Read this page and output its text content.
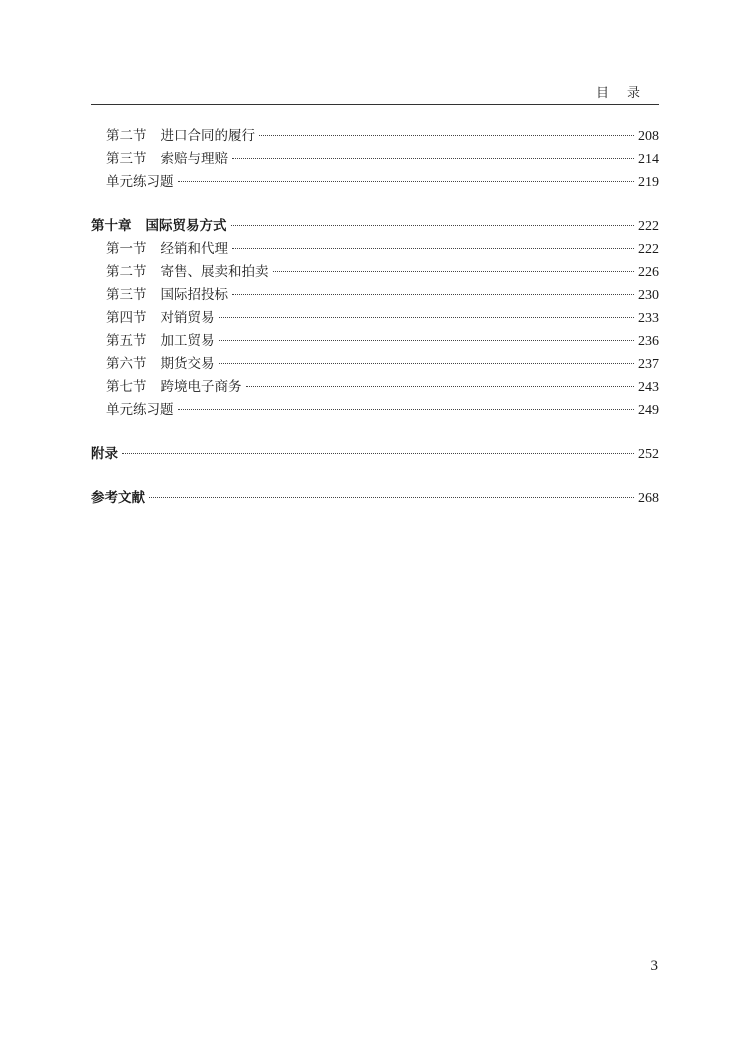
目录
第二节 进口合同的履行	208
第三节 索赔与理赔	214
单元练习题	219
第十章 国际贸易方式	222
第一节 经销和代理	222
第二节 寄售、展卖和拍卖	226
第三节 国际招投标	230
第四节 对销贸易	233
第五节 加工贸易	236
第六节 期货交易	237
第七节 跨境电子商务	243
单元练习题	249
附录	252
参考文献	268
3
